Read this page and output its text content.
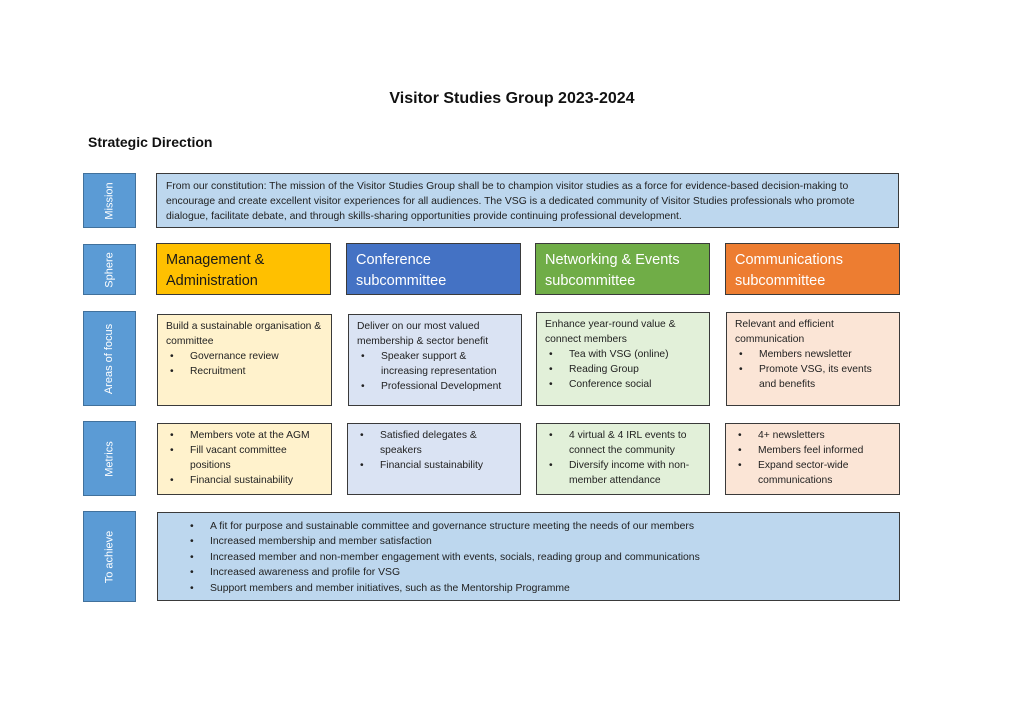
Visitor Studies Group 2023-2024
Strategic Direction
Mission
Sphere
Areas of focus
Metrics
To achieve
From our constitution: The mission of the Visitor Studies Group shall be to champion visitor studies as a force for evidence-based decision-making to encourage and create excellent visitor experiences for all audiences. The VSG is a dedicated community of Visitor Studies professionals who promote dialogue, facilitate debate, and through skills-sharing opportunities provide continuing professional development.
Management & Administration
Conference subcommittee
Networking & Events subcommittee
Communications subcommittee
Build a sustainable organisation & committee
• Governance review
• Recruitment
Deliver on our most valued membership & sector benefit
• Speaker support & increasing representation
• Professional Development
Enhance year-round value & connect members
• Tea with VSG (online)
• Reading Group
• Conference social
Relevant and efficient communication
• Members newsletter
• Promote VSG, its events and benefits
• Members vote at the AGM
• Fill vacant committee positions
• Financial sustainability
• Satisfied delegates & speakers
• Financial sustainability
• 4 virtual & 4 IRL events to connect the community
• Diversify income with non-member attendance
• 4+ newsletters
• Members feel informed
• Expand sector-wide communications
• A fit for purpose and sustainable committee and governance structure meeting the needs of our members
• Increased membership and member satisfaction
• Increased member and non-member engagement with events, socials, reading group and communications
• Increased awareness and profile for VSG
• Support members and member initiatives, such as the Mentorship Programme
